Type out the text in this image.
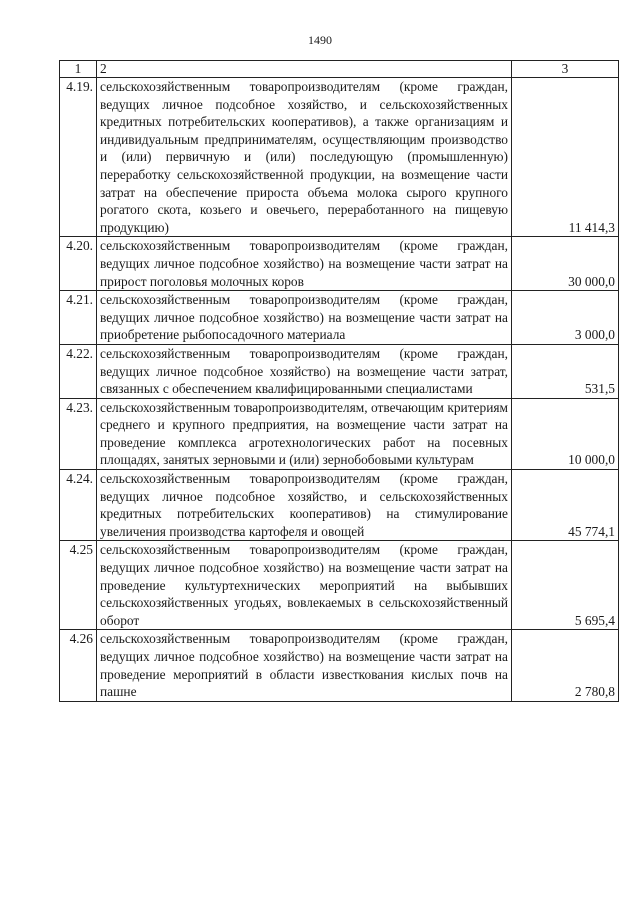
1490
1	2	3
4.19.	сельскохозяйственным товаропроизводителям (кроме граждан, ведущих личное подсобное хозяйство, и сельскохозяйственных кредитных потребительских кооперативов), а также организациям и индивидуальным предпринимателям, осуществляющим производство и (или) первичную и (или) последующую (промышленную) переработку сельскохозяйственной продукции, на возмещение части затрат на обеспечение прироста объема молока сырого крупного рогатого скота, козьего и овечьего, переработанного на пищевую продукцию)	11 414,3
4.20.	сельскохозяйственным товаропроизводителям (кроме граждан, ведущих личное подсобное хозяйство) на возмещение части затрат на прирост поголовья молочных коров	30 000,0
4.21.	сельскохозяйственным товаропроизводителям (кроме граждан, ведущих личное подсобное хозяйство) на возмещение части затрат на приобретение рыбопосадочного материала	3 000,0
4.22.	сельскохозяйственным товаропроизводителям (кроме граждан, ведущих личное подсобное хозяйство) на возмещение части затрат, связанных с обеспечением квалифицированными специалистами	531,5
4.23.	сельскохозяйственным товаропроизводителям, отвечающим критериям среднего и крупного предприятия, на возмещение части затрат на проведение комплекса агротехнологических работ на посевных площадях, занятых зерновыми и (или) зернобобовыми культурам	10 000,0
4.24.	сельскохозяйственным товаропроизводителям (кроме граждан, ведущих личное подсобное хозяйство, и сельскохозяйственных кредитных потребительских кооперативов) на стимулирование увеличения производства картофеля и овощей	45 774,1
4.25	сельскохозяйственным товаропроизводителям (кроме граждан, ведущих личное подсобное хозяйство) на возмещение части затрат на проведение культуртехнических мероприятий на выбывших сельскохозяйственных угодьях, вовлекаемых в сельскохозяйственный оборот	5 695,4
4.26	сельскохозяйственным товаропроизводителям (кроме граждан, ведущих личное подсобное хозяйство) на возмещение части затрат на проведение мероприятий в области известкования кислых почв на пашне	2 780,8
